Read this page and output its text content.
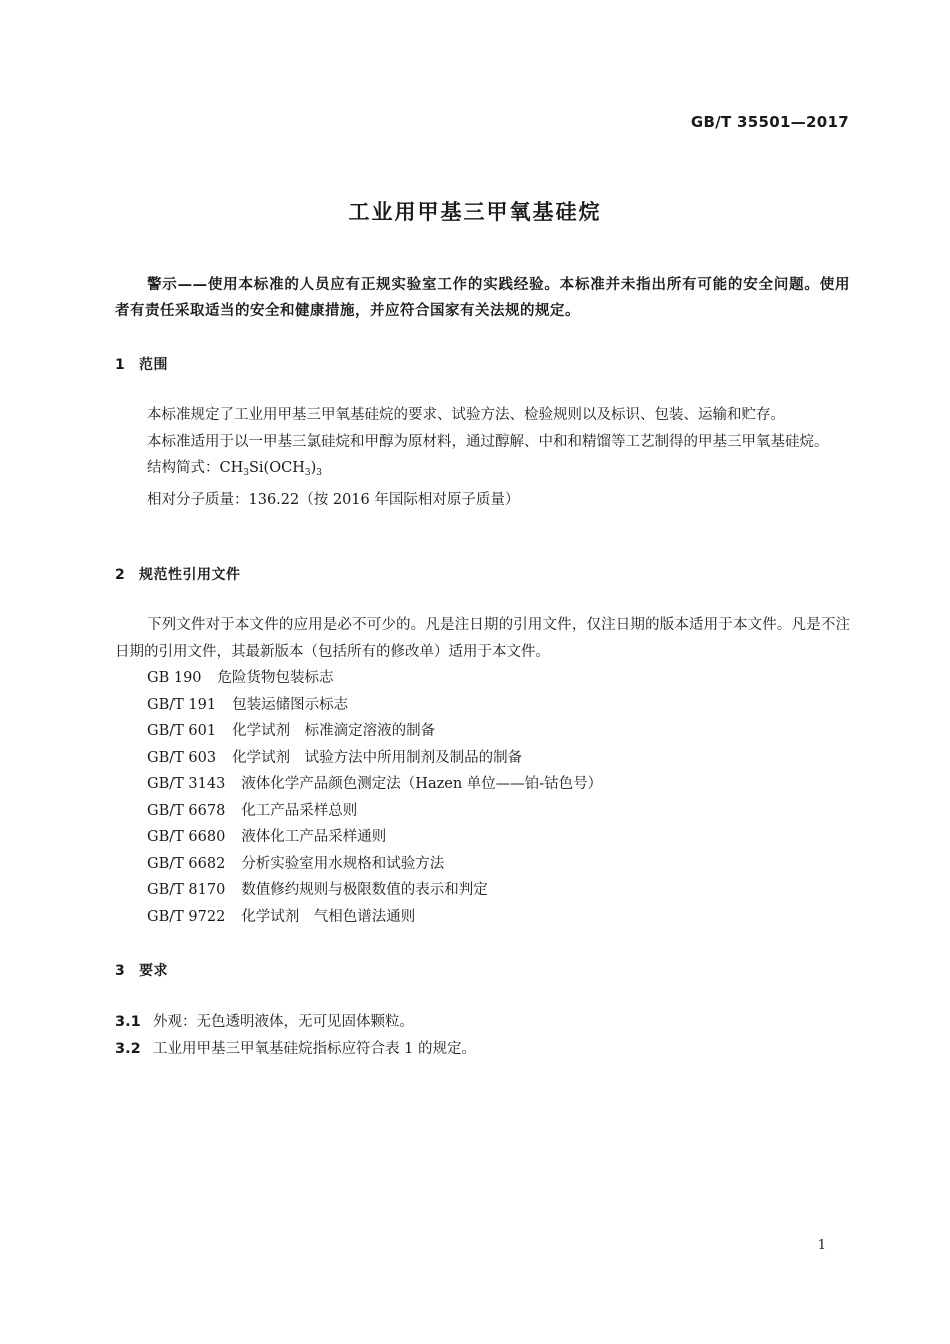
GB/T 35501—2017
工业用甲基三甲氧基硅烷
警示——使用本标准的人员应有正规实验室工作的实践经验。本标准并未指出所有可能的安全问题。使用者有责任采取适当的安全和健康措施，并应符合国家有关法规的规定。
1 范围
本标准规定了工业用甲基三甲氧基硅烷的要求、试验方法、检验规则以及标识、包装、运输和贮存。
本标准适用于以一甲基三氯硅烷和甲醇为原材料，通过醇解、中和和精馏等工艺制得的甲基三甲氧基硅烷。
结构简式：$CH_3Si(OCH_3)_3$
相对分子质量：136.22（按 2016 年国际相对原子质量）
2 规范性引用文件
下列文件对于本文件的应用是必不可少的。凡是注日期的引用文件，仅注日期的版本适用于本文件。凡是不注日期的引用文件，其最新版本（包括所有的修改单）适用于本文件。
GB 190 危险货物包装标志
GB/T 191 包装运储图示标志
GB/T 601 化学试剂　标准滴定溶液的制备
GB/T 603 化学试剂　试验方法中所用制剂及制品的制备
GB/T 3143 液体化学产品颜色测定法（Hazen 单位——铂-钴色号）
GB/T 6678 化工产品采样总则
GB/T 6680 液体化工产品采样通则
GB/T 6682 分析实验室用水规格和试验方法
GB/T 8170 数值修约规则与极限数值的表示和判定
GB/T 9722 化学试剂　气相色谱法通则
3 要求
3.1 外观：无色透明液体，无可见固体颗粒。
3.2 工业用甲基三甲氧基硅烷指标应符合表 1 的规定。
1
